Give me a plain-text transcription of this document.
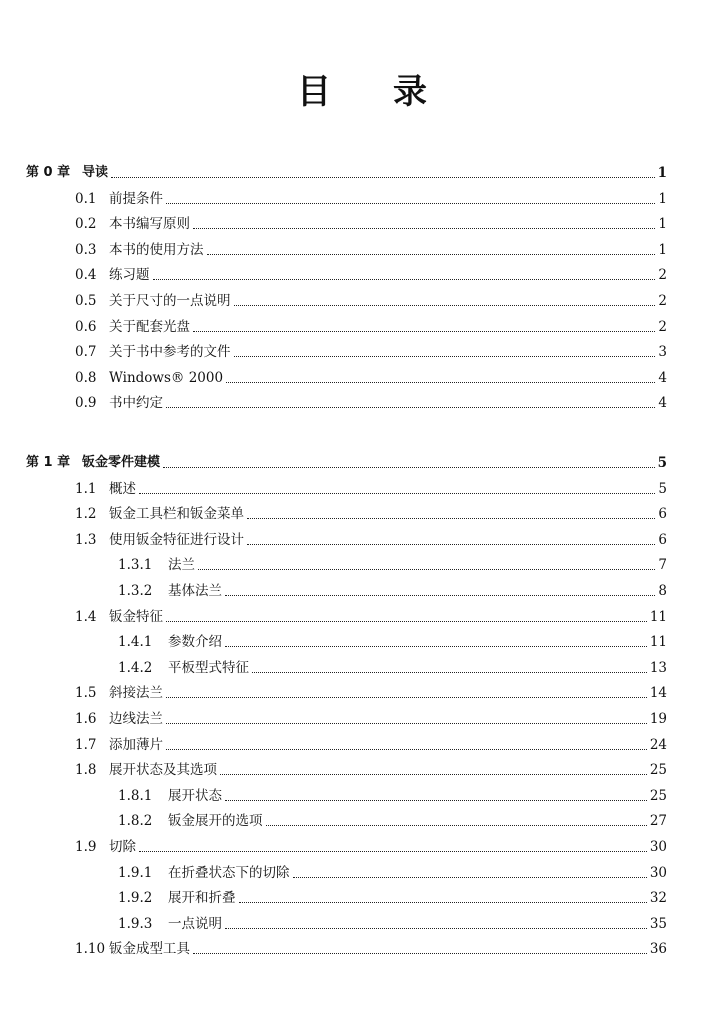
目录
第 0 章 导读	1
0.1 前提条件	1
0.2 本书编写原则	1
0.3 本书的使用方法	1
0.4 练习题	2
0.5 关于尺寸的一点说明	2
0.6 关于配套光盘	2
0.7 关于书中参考的文件	3
0.8 Windows® 2000	4
0.9 书中约定	4
第 1 章 钣金零件建模	5
1.1 概述	5
1.2 钣金工具栏和钣金菜单	6
1.3 使用钣金特征进行设计	6
1.3.1	法兰	7
1.3.2	基体法兰	8
1.4 钣金特征	11
1.4.1	参数介绍	11
1.4.2	平板型式特征	13
1.5 斜接法兰	14
1.6 边线法兰	19
1.7 添加薄片	24
1.8 展开状态及其选项	25
1.8.1	展开状态	25
1.8.2	钣金展开的选项	27
1.9 切除	30
1.9.1	在折叠状态下的切除	30
1.9.2	展开和折叠	32
1.9.3	一点说明	35
1.10 钣金成型工具	36
